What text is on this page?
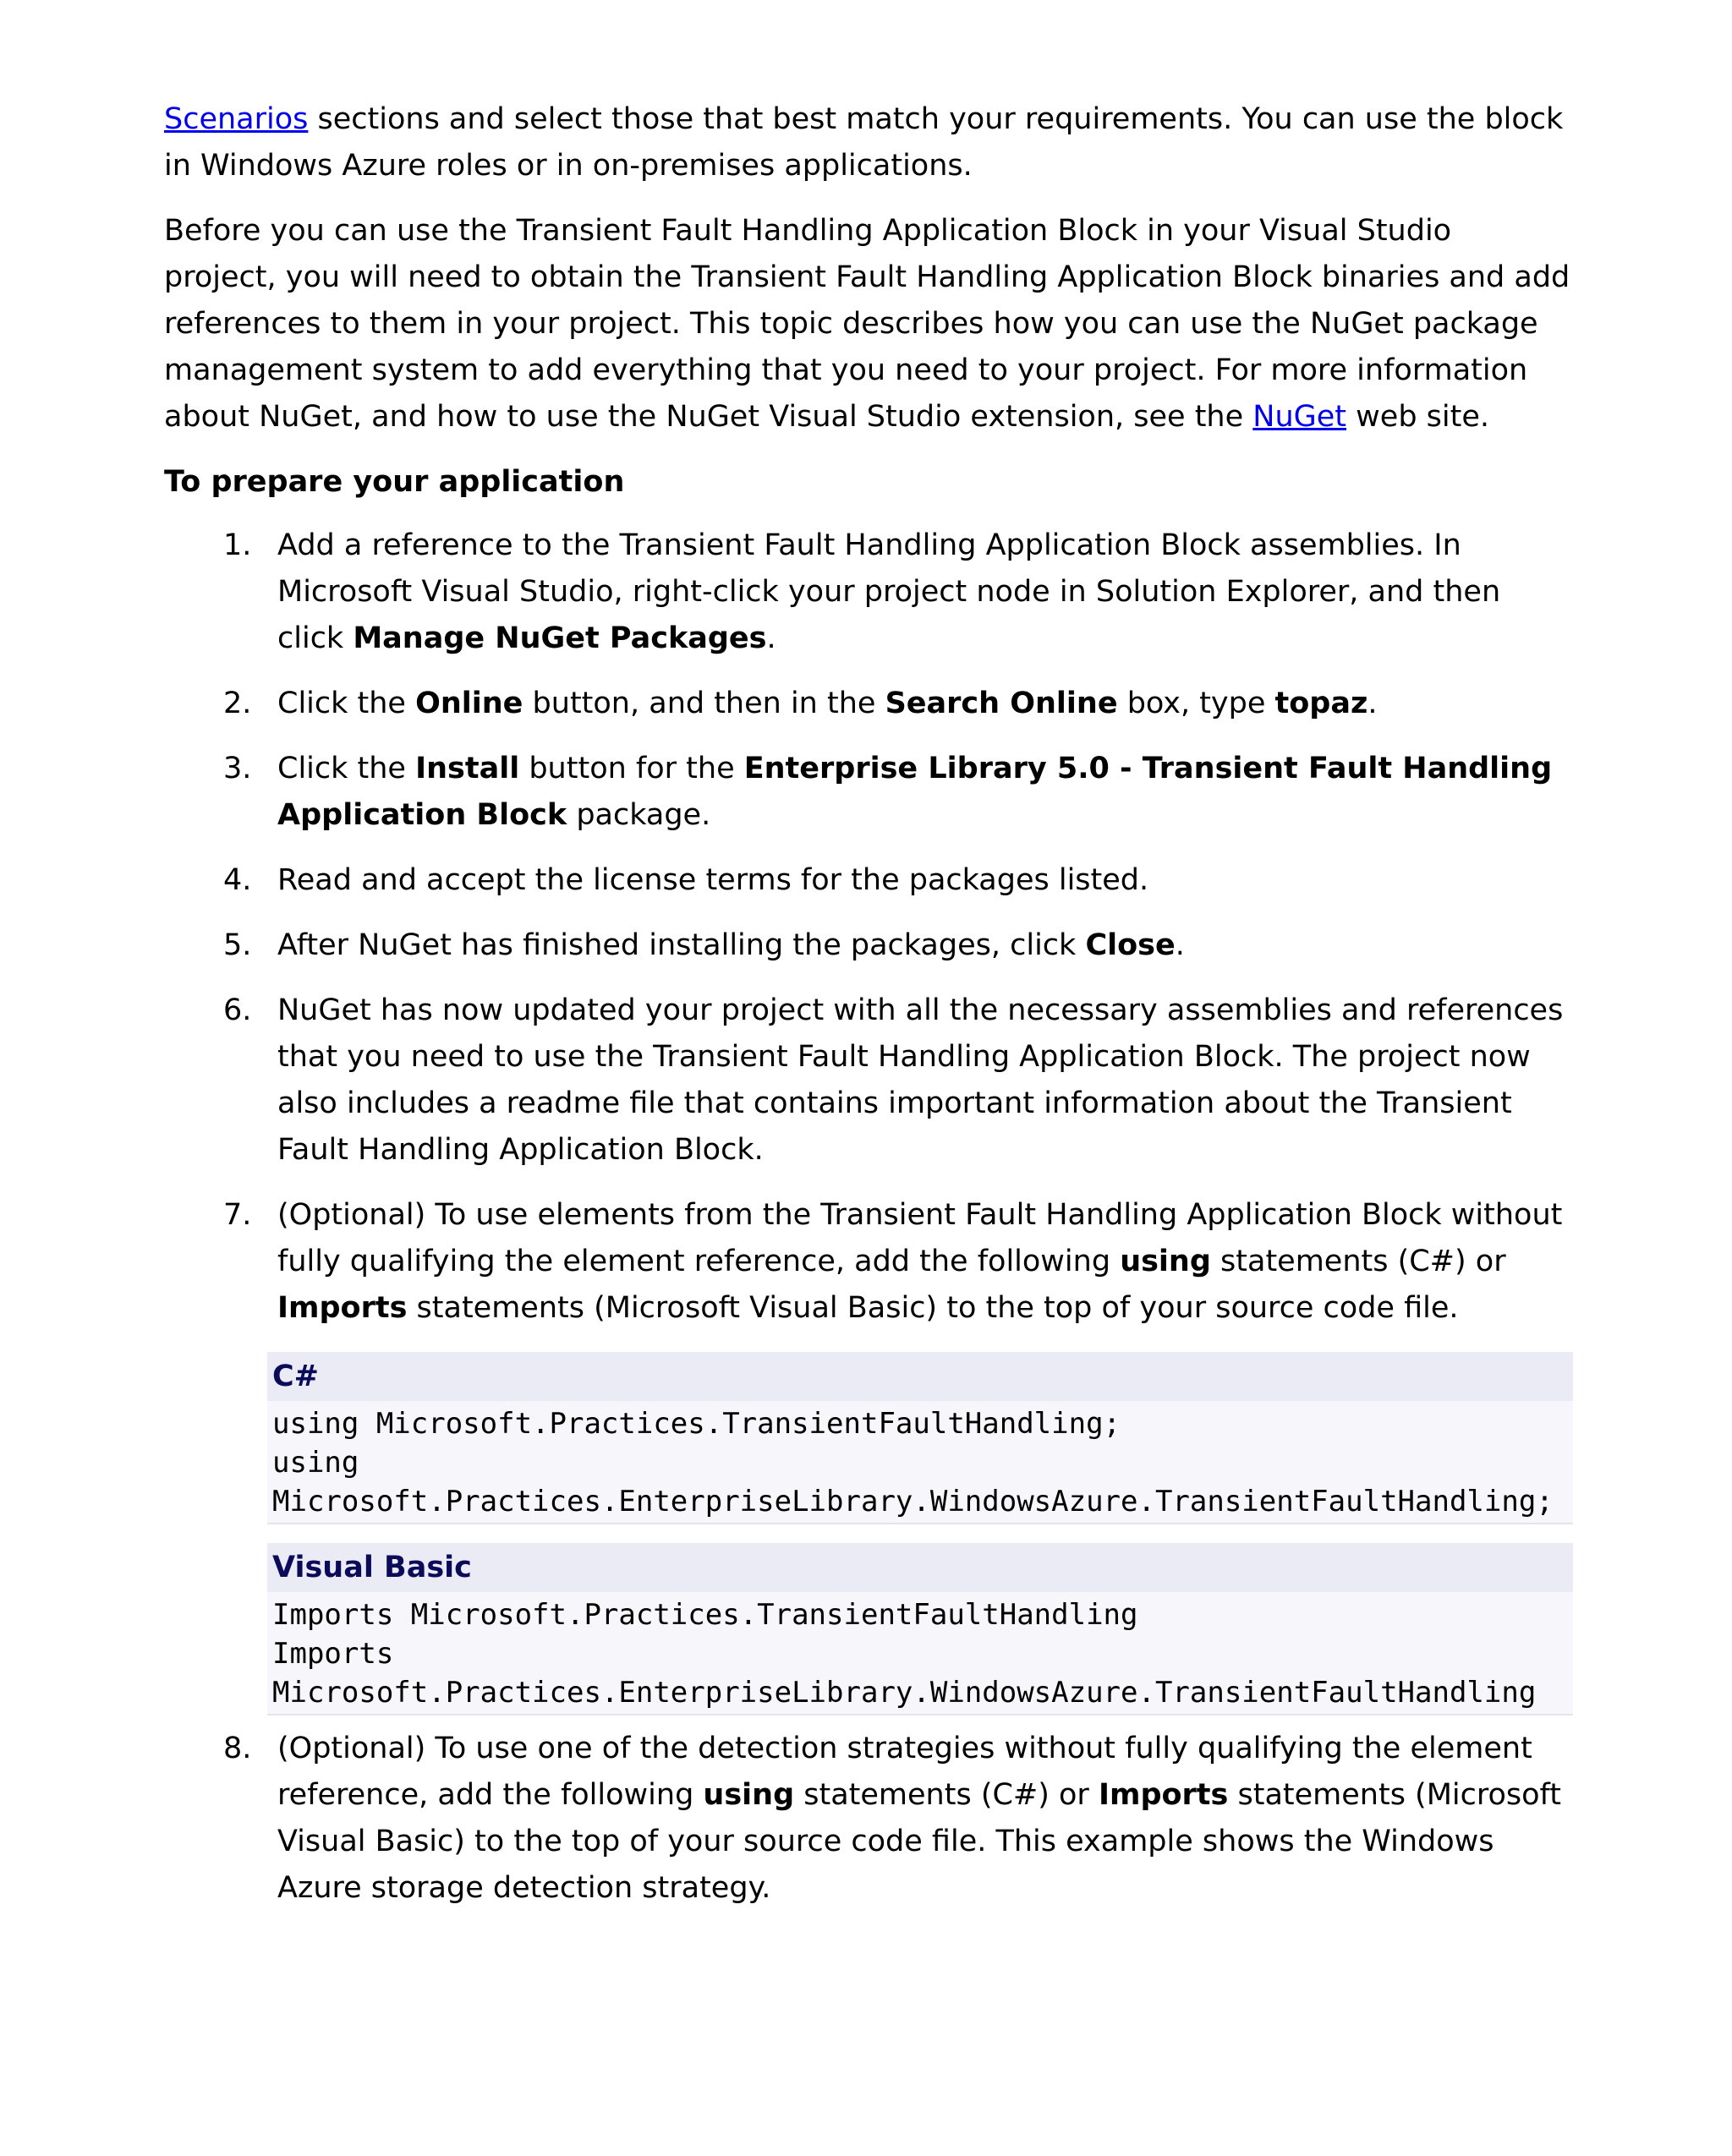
Scenarios sections and select those that best match your requirements. You can use the block in Windows Azure roles or in on-premises applications.

Before you can use the Transient Fault Handling Application Block in your Visual Studio project, you will need to obtain the Transient Fault Handling Application Block binaries and add references to them in your project. This topic describes how you can use the NuGet package management system to add everything that you need to your project. For more information about NuGet, and how to use the NuGet Visual Studio extension, see the NuGet web site.

To prepare your application

1. Add a reference to the Transient Fault Handling Application Block assemblies. In Microsoft Visual Studio, right-click your project node in Solution Explorer, and then click Manage NuGet Packages.
2. Click the Online button, and then in the Search Online box, type topaz.
3. Click the Install button for the Enterprise Library 5.0 - Transient Fault Handling Application Block package.
4. Read and accept the license terms for the packages listed.
5. After NuGet has finished installing the packages, click Close.
6. NuGet has now updated your project with all the necessary assemblies and references that you need to use the Transient Fault Handling Application Block. The project now also includes a readme file that contains important information about the Transient Fault Handling Application Block.
7. (Optional) To use elements from the Transient Fault Handling Application Block without fully qualifying the element reference, add the following using statements (C#) or Imports statements (Microsoft Visual Basic) to the top of your source code file.
C#
using Microsoft.Practices.TransientFaultHandling;
using
Microsoft.Practices.EnterpriseLibrary.WindowsAzure.TransientFaultHandling;
Visual Basic
Imports Microsoft.Practices.TransientFaultHandling
Imports
Microsoft.Practices.EnterpriseLibrary.WindowsAzure.TransientFaultHandling
8. (Optional) To use one of the detection strategies without fully qualifying the element reference, add the following using statements (C#) or Imports statements (Microsoft Visual Basic) to the top of your source code file. This example shows the Windows Azure storage detection strategy.
